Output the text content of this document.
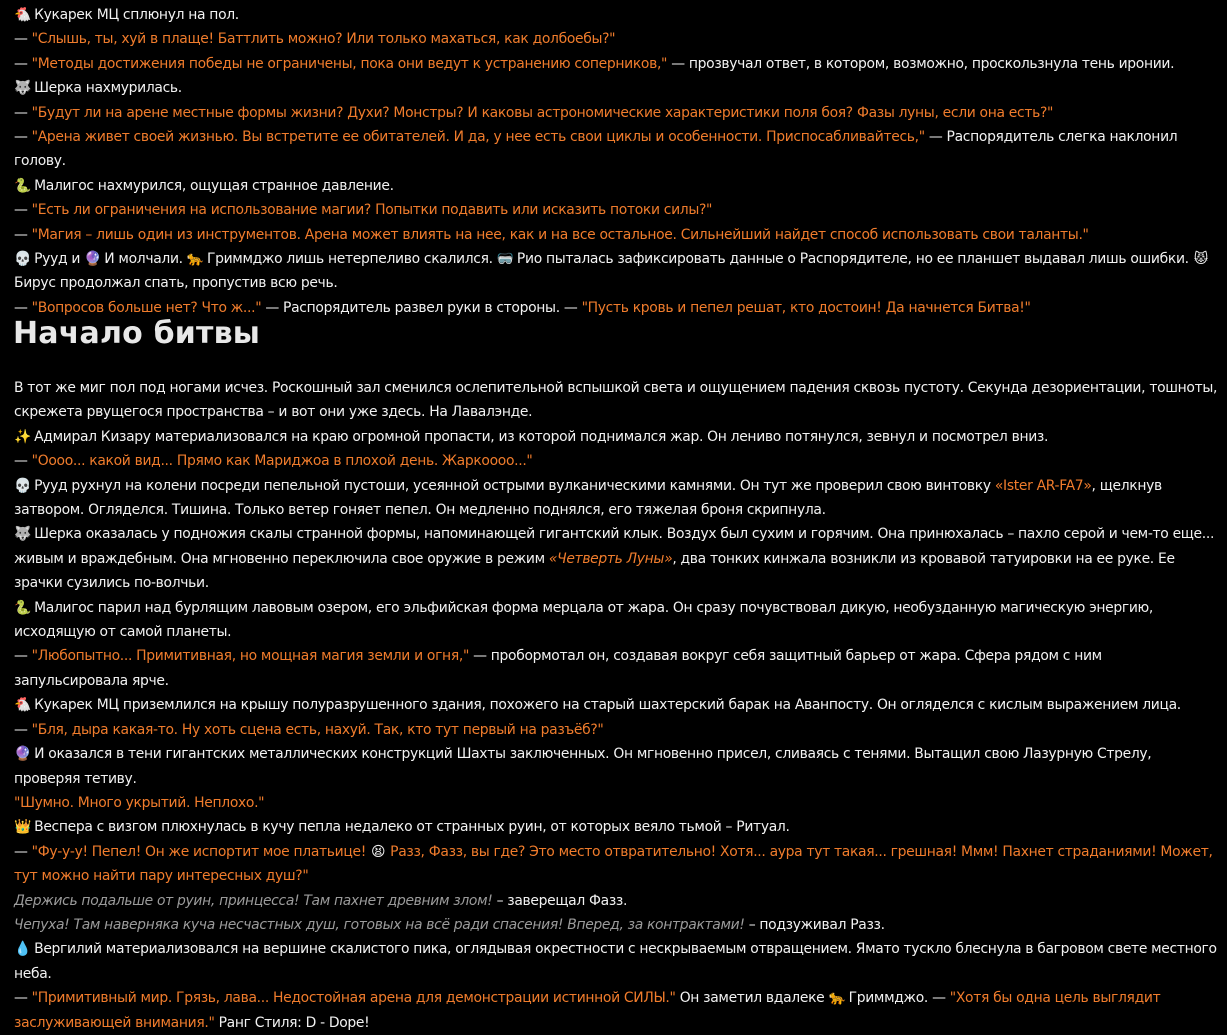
🐔 Кукарек МЦ сплюнул на пол.

— "Слышь, ты, хуй в плаще! Баттлить можно? Или только махаться, как долбоебы?"

— "Методы достижения победы не ограничены, пока они ведут к устранению соперников," — прозвучал ответ, в котором, возможно, проскользнула тень иронии.

🐺 Шерка нахмурилась.

— "Будут ли на арене местные формы жизни? Духи? Монстры? И каковы астрономические характеристики поля боя? Фазы луны, если она есть?"

— "Арена живет своей жизнью. Вы встретите ее обитателей. И да, у нее есть свои циклы и особенности. Приспосабливайтесь," — Распорядитель слегка наклонил голову.

🐍 Малигос нахмурился, ощущая странное давление.

— "Есть ли ограничения на использование магии? Попытки подавить или исказить потоки силы?"

— "Магия – лишь один из инструментов. Арена может влиять на нее, как и на все остальное. Сильнейший найдет способ использовать свои таланты."

💀 Рууд и 🔮 И молчали. 🐆 Гриммджо лишь нетерпеливо скалился. 🥽 Рио пыталась зафиксировать данные о Распорядителе, но ее планшет выдавал лишь ошибки. 😾 Бирус продолжал спать, пропустив всю речь.

— "Вопросов больше нет? Что ж..." — Распорядитель развел руки в стороны. — "Пусть кровь и пепел решат, кто достоин! Да начнется Битва!"

Начало битвы

В тот же миг пол под ногами исчез. Роскошный зал сменился ослепительной вспышкой света и ощущением падения сквозь пустоту. Секунда дезориентации, тошноты, скрежета рвущегося пространства – и вот они уже здесь. На Лавалэнде.

✨ Адмирал Кизару материализовался на краю огромной пропасти, из которой поднимался жар. Он лениво потянулся, зевнул и посмотрел вниз.

— "Оооо... какой вид... Прямо как Мариджоа в плохой день. Жаркоооо..."

💀 Рууд рухнул на колени посреди пепельной пустоши, усеянной острыми вулканическими камнями. Он тут же проверил свою винтовку «Ister AR-FA7», щелкнув затвором. Огляделся. Тишина. Только ветер гоняет пепел. Он медленно поднялся, его тяжелая броня скрипнула.

🐺 Шерка оказалась у подножия скалы странной формы, напоминающей гигантский клык. Воздух был сухим и горячим. Она принюхалась – пахло серой и чем-то еще... живым и враждебным. Она мгновенно переключила свое оружие в режим «Четверть Луны», два тонких кинжала возникли из кровавой татуировки на ее руке. Ее зрачки сузились по-волчьи.

🐍 Малигос парил над бурлящим лавовым озером, его эльфийская форма мерцала от жара. Он сразу почувствовал дикую, необузданную магическую энергию, исходящую от самой планеты.

— "Любопытно... Примитивная, но мощная магия земли и огня," — пробормотал он, создавая вокруг себя защитный барьер от жара. Сфера рядом с ним запульсировала ярче.

🐔 Кукарек МЦ приземлился на крышу полуразрушенного здания, похожего на старый шахтерский барак на Аванпосту. Он огляделся с кислым выражением лица.

— "Бля, дыра какая-то. Ну хоть сцена есть, нахуй. Так, кто тут первый на разъёб?"

🔮 И оказался в тени гигантских металлических конструкций Шахты заключенных. Он мгновенно присел, сливаясь с тенями. Вытащил свою Лазурную Стрелу, проверяя тетиву.

"Шумно. Много укрытий. Неплохо."

👑 Веспера с визгом плюхнулась в кучу пепла недалеко от странных руин, от которых веяло тьмой – Ритуал.

— "Фу-у-у! Пепел! Он же испортит мое платьице! 😫 Разз, Фазз, вы где? Это место отвратительно! Хотя... аура тут такая... грешная! Ммм! Пахнет страданиями! Может, тут можно найти пару интересных душ?"

Держись подальше от руин, принцесса! Там пахнет древним злом! – заверещал Фазз.

Чепуха! Там наверняка куча несчастных душ, готовых на всё ради спасения! Вперед, за контрактами! – подзуживал Разз.

💧 Вергилий материализовался на вершине скалистого пика, оглядывая окрестности с нескрываемым отвращением. Ямато тускло блеснула в багровом свете местного неба.

— "Примитивный мир. Грязь, лава... Недостойная арена для демонстрации истинной СИЛЫ." Он заметил вдалеке 🐆 Гриммджо. — "Хотя бы одна цель выглядит заслуживающей внимания." Ранг Стиля: D - Dope!
